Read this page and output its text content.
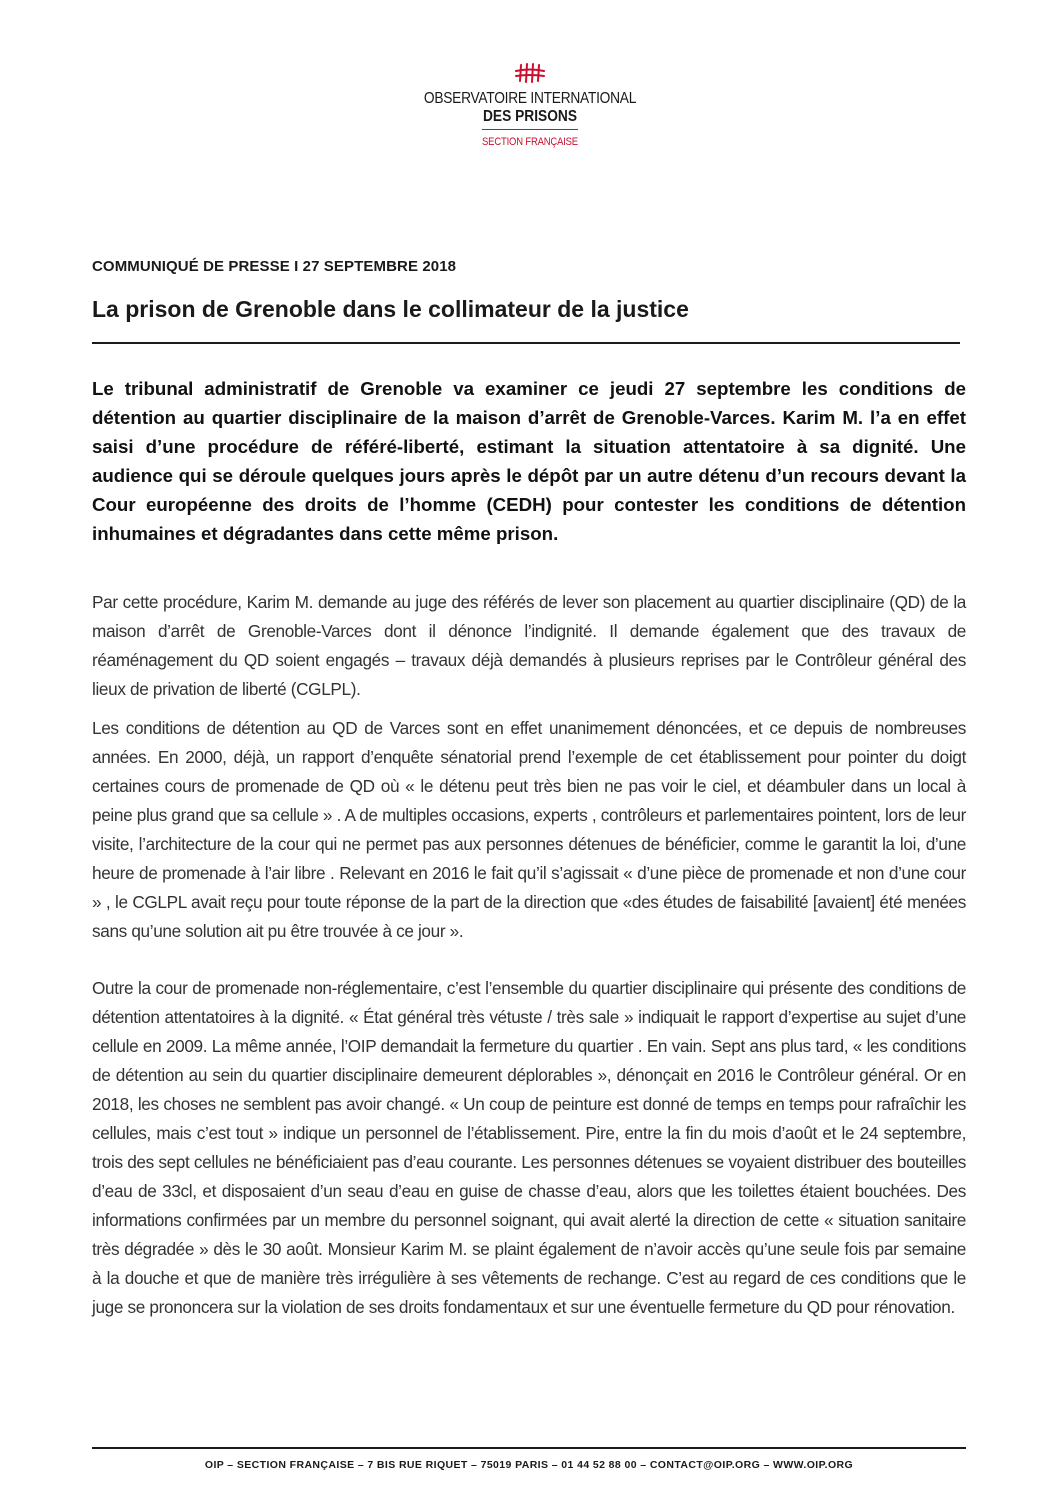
OBSERVATOIRE INTERNATIONAL
DES PRISONS
SECTION FRANÇAISE
COMMUNIQUÉ DE PRESSE I 27 SEPTEMBRE 2018
La prison de Grenoble dans le collimateur de la justice

Le tribunal administratif de Grenoble va examiner ce jeudi 27 septembre les conditions de détention au quartier disciplinaire de la maison d’arrêt de Grenoble-Varces. Karim M. l’a en effet saisi d’une procédure de référé-liberté, estimant la situation attentatoire à sa dignité. Une audience qui se déroule quelques jours après le dépôt par un autre détenu d’un recours devant la Cour européenne des droits de l’homme (CEDH) pour contester les conditions de détention inhumaines et dégradantes dans cette même prison.

Par cette procédure, Karim M. demande au juge des référés de lever son placement au quartier disciplinaire (QD) de la maison d’arrêt de Grenoble-Varces dont il dénonce l’indignité. Il demande également que des travaux de réaménagement du QD soient engagés – travaux déjà demandés à plusieurs reprises par le Contrôleur général des lieux de privation de liberté (CGLPL).

Les conditions de détention au QD de Varces sont en effet unanimement dénoncées, et ce depuis de nombreuses années. En 2000, déjà, un rapport d’enquête sénatorial prend l’exemple de cet établissement pour pointer du doigt certaines cours de promenade de QD où « le détenu peut très bien ne pas voir le ciel, et déambuler dans un local à peine plus grand que sa cellule » . A de multiples occasions, experts , contrôleurs et parlementaires pointent, lors de leur visite, l’architecture de la cour qui ne permet pas aux personnes détenues de bénéficier, comme le garantit la loi, d’une heure de promenade à l’air libre . Relevant en 2016 le fait qu’il s’agissait « d’une pièce de promenade et non d’une cour » , le CGLPL avait reçu pour toute réponse de la part de la direction que «des études de faisabilité [avaient] été menées sans qu’une solution ait pu être trouvée à ce jour ».

Outre la cour de promenade non-réglementaire, c’est l’ensemble du quartier disciplinaire qui présente des conditions de détention attentatoires à la dignité. « État général très vétuste / très sale » indiquait le rapport d’expertise au sujet d’une cellule en 2009. La même année, l’OIP demandait la fermeture du quartier . En vain. Sept ans plus tard, « les conditions de détention au sein du quartier disciplinaire demeurent déplorables », dénonçait en 2016 le Contrôleur général. Or en 2018, les choses ne semblent pas avoir changé. « Un coup de peinture est donné de temps en temps pour rafraîchir les cellules, mais c’est tout » indique un personnel de l’établissement. Pire, entre la fin du mois d’août et le 24 septembre, trois des sept cellules ne bénéficiaient pas d’eau courante. Les personnes détenues se voyaient distribuer des bouteilles d’eau de 33cl, et disposaient d’un seau d’eau en guise de chasse d’eau, alors que les toilettes étaient bouchées. Des informations confirmées par un membre du personnel soignant, qui avait alerté la direction de cette « situation sanitaire très dégradée » dès le 30 août. Monsieur Karim M. se plaint également de n’avoir accès qu’une seule fois par semaine à la douche et que de manière très irrégulière à ses vêtements de rechange. C’est au regard de ces conditions que le juge se prononcera sur la violation de ses droits fondamentaux et sur une éventuelle fermeture du QD pour rénovation.

OIP – SECTION FRANÇAISE – 7 BIS RUE RIQUET – 75019 PARIS – 01 44 52 88 00 – CONTACT@OIP.ORG – WWW.OIP.ORG
